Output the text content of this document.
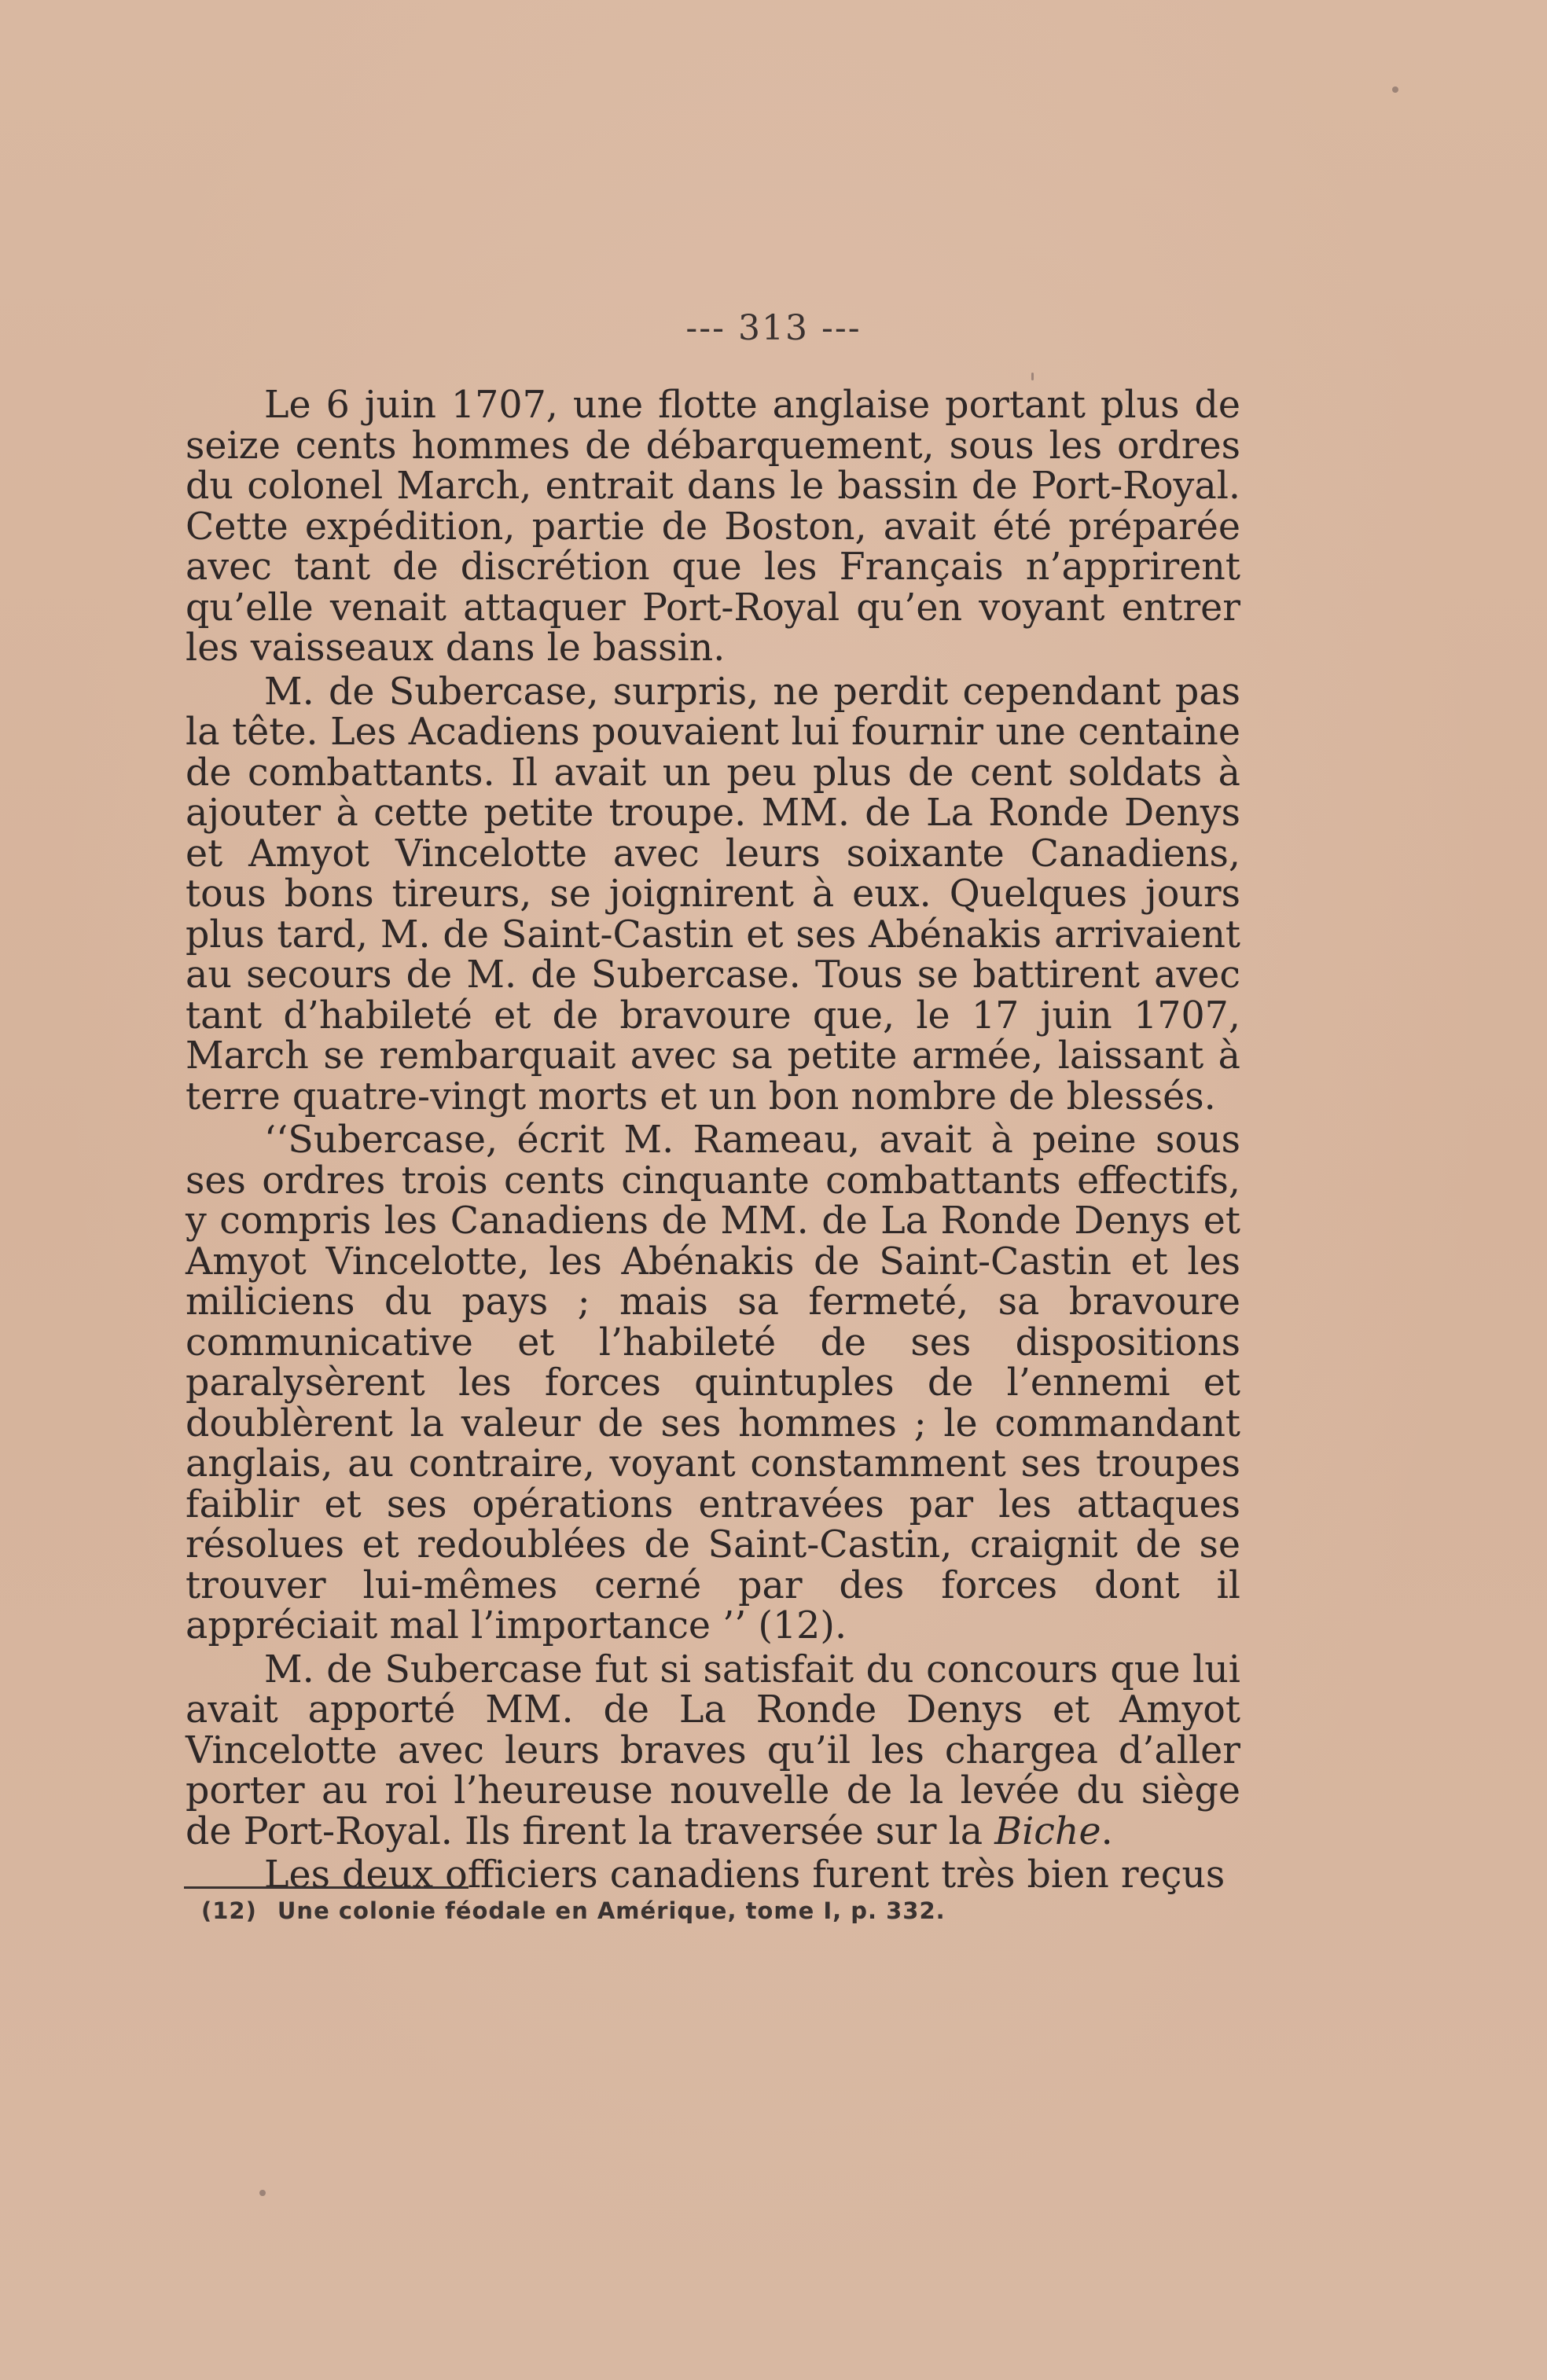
--- 313 ---

Le 6 juin 1707, une flotte anglaise portant plus de seize cents hommes de débarquement, sous les ordres du colonel March, entrait dans le bassin de Port-Royal. Cette expédition, partie de Boston, avait été préparée avec tant de discrétion que les Français n’apprirent qu’elle venait attaquer Port-Royal qu’en voyant entrer les vaisseaux dans le bassin.

M. de Subercase, surpris, ne perdit cependant pas la tête. Les Acadiens pouvaient lui fournir une centaine de combattants. Il avait un peu plus de cent soldats à ajouter à cette petite troupe. MM. de La Ronde Denys et Amyot Vincelotte avec leurs soixante Canadiens, tous bons tireurs, se joignirent à eux. Quelques jours plus tard, M. de Saint-Castin et ses Abénakis arrivaient au secours de M. de Subercase. Tous se battirent avec tant d’habileté et de bravoure que, le 17 juin 1707, March se rembarquait avec sa petite armée, laissant à terre quatre-vingt morts et un bon nombre de blessés.

‘‘Subercase, écrit M. Rameau, avait à peine sous ses ordres trois cents cinquante combattants effectifs, y compris les Canadiens de MM. de La Ronde Denys et Amyot Vincelotte, les Abénakis de Saint-Castin et les miliciens du pays ; mais sa fermeté, sa bravoure communicative et l’habileté de ses dispositions paralysèrent les forces quintuples de l’ennemi et doublèrent la valeur de ses hommes ; le commandant anglais, au contraire, voyant constamment ses troupes faiblir et ses opérations entravées par les attaques résolues et redoublées de Saint-Castin, craignit de se trouver lui-mêmes cerné par des forces dont il appréciait mal l’importance ’’ (12).

M. de Subercase fut si satisfait du concours que lui avait apporté MM. de La Ronde Denys et Amyot Vincelotte avec leurs braves qu’il les chargea d’aller porter au roi l’heureuse nouvelle de la levée du siège de Port-Royal. Ils firent la traversée sur la Biche.

Les deux officiers canadiens furent très bien reçus

(12) Une colonie féodale en Amérique, tome I, p. 332.
